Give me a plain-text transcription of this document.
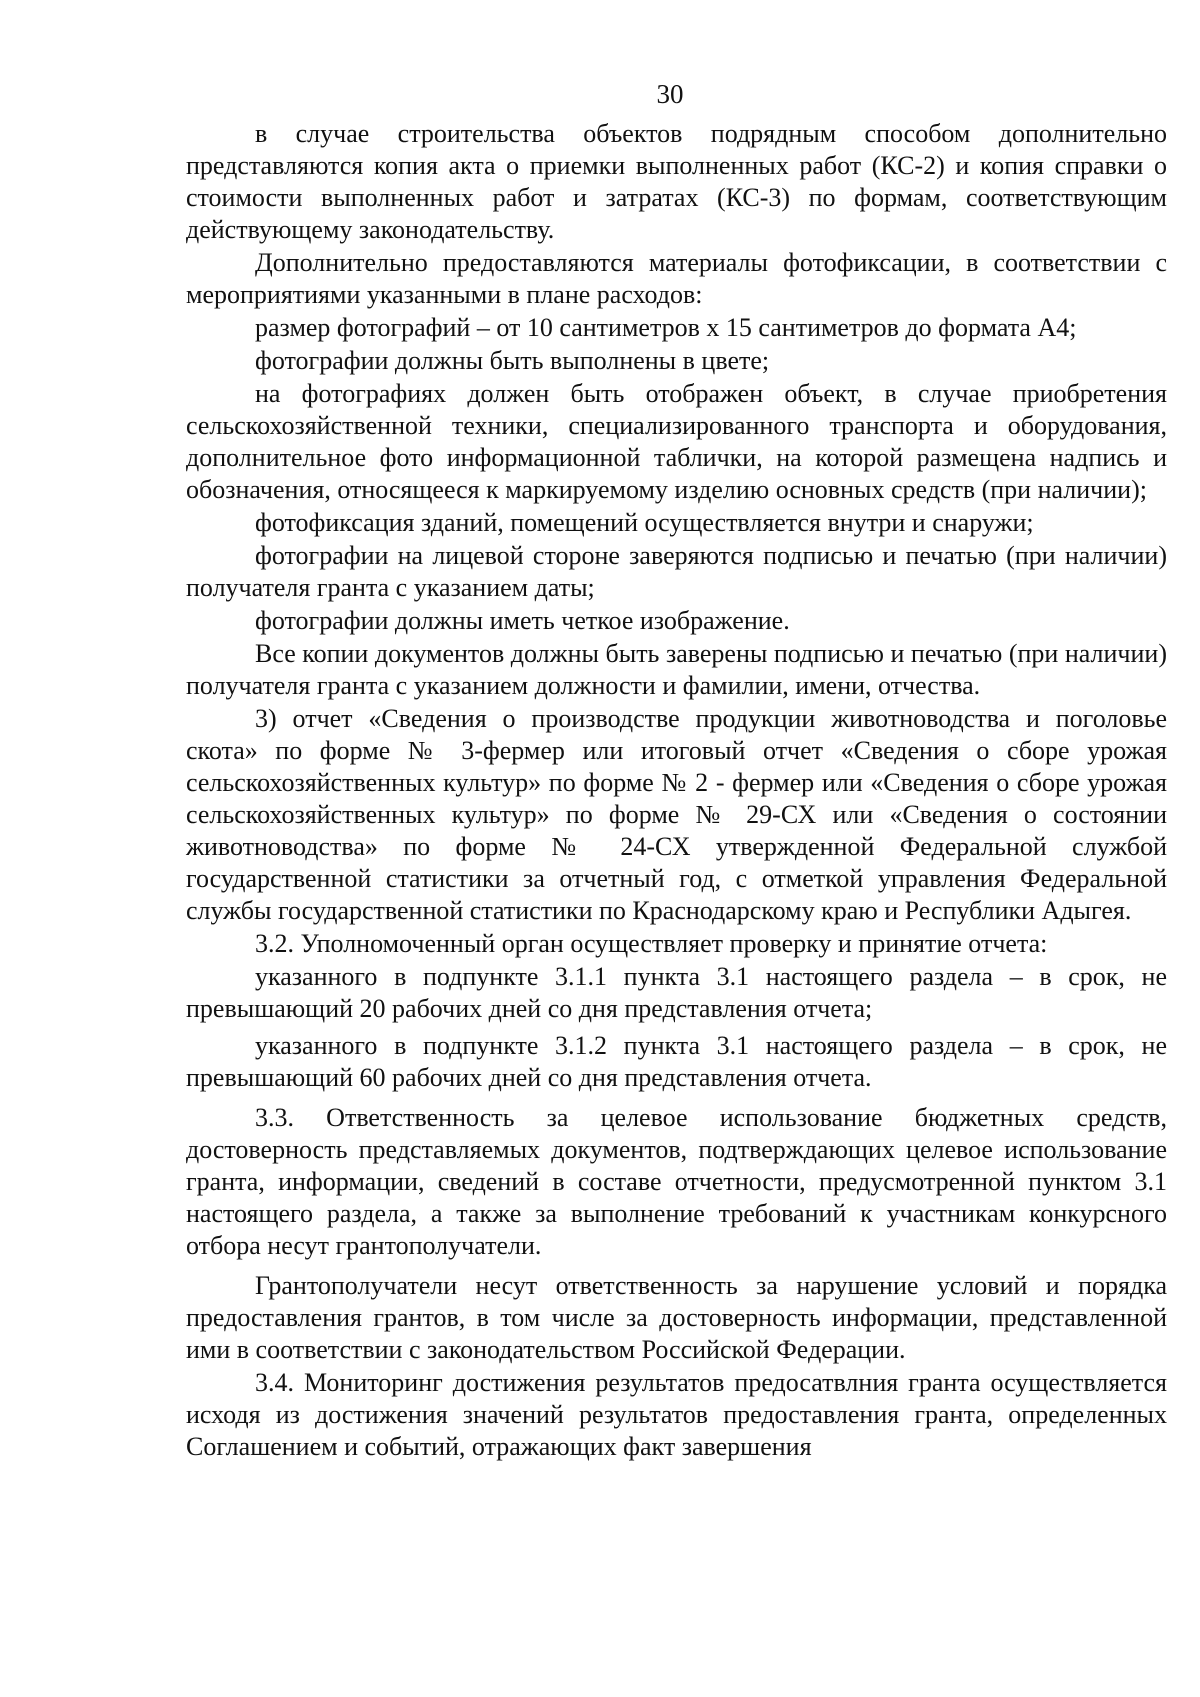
30

в случае строительства объектов подрядным способом дополнительно представляются копия акта о приемки выполненных работ (КС-2) и копия справки о стоимости выполненных работ и затратах (КС-3) по формам, соответствующим действующему законодательству.

Дополнительно предоставляются материалы фотофиксации, в соответствии с мероприятиями указанными в плане расходов:

размер фотографий – от 10 сантиметров х 15 сантиметров до формата А4;

фотографии должны быть выполнены в цвете;

на фотографиях должен быть отображен объект, в случае приобретения сельскохозяйственной техники, специализированного транспорта и оборудования, дополнительное фото информационной таблички, на которой размещена надпись и обозначения, относящееся к маркируемому изделию основных средств (при наличии);

фотофиксация зданий, помещений осуществляется внутри и снаружи;

фотографии на лицевой стороне заверяются подписью и печатью (при наличии) получателя гранта с указанием даты;

фотографии должны иметь четкое изображение.

Все копии документов должны быть заверены подписью и печатью (при наличии) получателя гранта с указанием должности и фамилии, имени, отчества.

3) отчет «Сведения о производстве продукции животноводства и поголовье скота» по форме № 3-фермер или итоговый отчет «Сведения о сборе урожая сельскохозяйственных культур» по форме № 2 - фермер или «Сведения о сборе урожая сельскохозяйственных культур» по форме № 29-СХ или «Сведения о состоянии животноводства» по форме № 24-СХ утвержденной Федеральной службой государственной статистики за отчетный год, с отметкой управления Федеральной службы государственной статистики по Краснодарскому краю и Республики Адыгея.

3.2. Уполномоченный орган осуществляет проверку и принятие отчета:

указанного в подпункте 3.1.1 пункта 3.1 настоящего раздела – в срок, не превышающий 20 рабочих дней со дня представления отчета;

указанного в подпункте 3.1.2 пункта 3.1 настоящего раздела – в срок, не превышающий 60 рабочих дней со дня представления отчета.

3.3. Ответственность за целевое использование бюджетных средств, достоверность представляемых документов, подтверждающих целевое использование гранта, информации, сведений в составе отчетности, предусмотренной пунктом 3.1 настоящего раздела, а также за выполнение требований к участникам конкурсного отбора несут грантополучатели.

Грантополучатели несут ответственность за нарушение условий и порядка предоставления грантов, в том числе за достоверность информации, представленной ими в соответствии с законодательством Российской Федерации.

3.4. Мониторинг достижения результатов предосатвлния гранта осуществляется исходя из достижения значений результатов предоставления гранта, определенных Соглашением и событий, отражающих факт завершения
